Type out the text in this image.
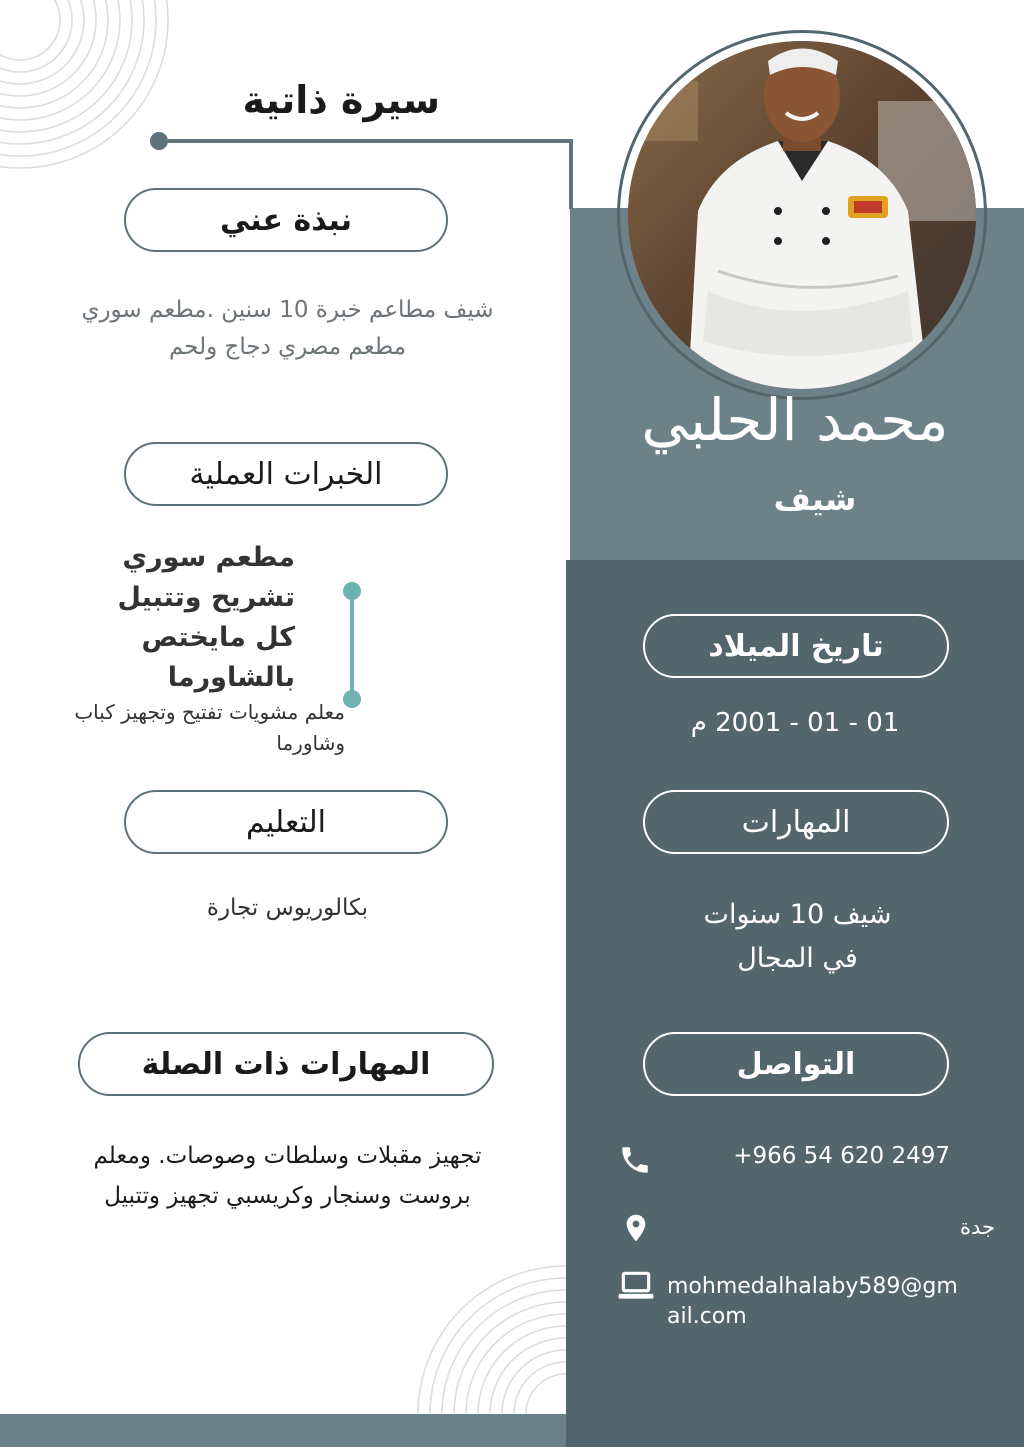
سيرة ذاتية
نبذة عني
شيف مطاعم خبرة 10 سنين .مطعم سوري مطعم مصري دجاج ولحم
الخبرات العملية
مطعم سوري
تشريح وتتبيل
كل مايختص
بالشاورما
معلم مشويات تفتيح وتجهيز كباب وشاورما
التعليم
بكالوريوس تجارة
المهارات ذات الصلة
تجهيز مقبلات وسلطات وصوصات. ومعلم بروست وسنجار وكريسبي تجهيز وتتبيل
محمد الحلبي
شيف
تاريخ الميلاد
01 - 01 - 2001 م
المهارات
شيف 10 سنوات
في المجال
التواصل
+966 54 620 2497
جدة
mohmedalhalaby589@gmail.com
